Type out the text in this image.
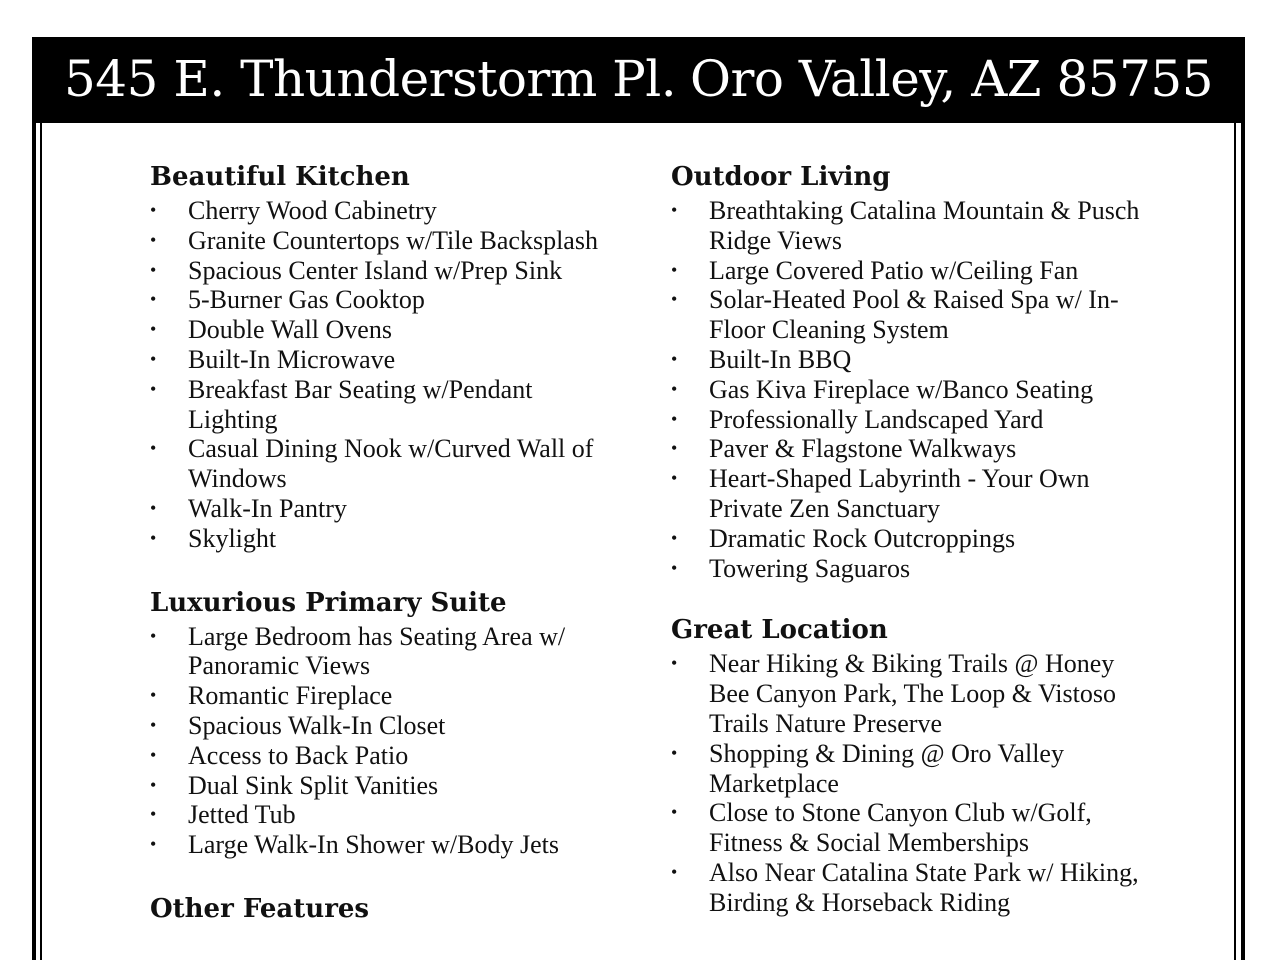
545 E. Thunderstorm Pl. Oro Valley, AZ 85755
Beautiful Kitchen
• Cherry Wood Cabinetry
• Granite Countertops w/Tile Backsplash
• Spacious Center Island w/Prep Sink
• 5-Burner Gas Cooktop
• Double Wall Ovens
• Built-In Microwave
• Breakfast Bar Seating w/Pendant Lighting
• Casual Dining Nook w/Curved Wall of Windows
• Walk-In Pantry
• Skylight
Luxurious Primary Suite
• Large Bedroom has Seating Area w/ Panoramic Views
• Romantic Fireplace
• Spacious Walk-In Closet
• Access to Back Patio
• Dual Sink Split Vanities
• Jetted Tub
• Large Walk-In Shower w/Body Jets
Other Features
Outdoor Living
• Breathtaking Catalina Mountain & Pusch Ridge Views
• Large Covered Patio w/Ceiling Fan
• Solar-Heated Pool & Raised Spa w/ In-Floor Cleaning System
• Built-In BBQ
• Gas Kiva Fireplace w/Banco Seating
• Professionally Landscaped Yard
• Paver & Flagstone Walkways
• Heart-Shaped Labyrinth - Your Own Private Zen Sanctuary
• Dramatic Rock Outcroppings
• Towering Saguaros
Great Location
• Near Hiking & Biking Trails @ Honey Bee Canyon Park, The Loop & Vistoso Trails Nature Preserve
• Shopping & Dining @ Oro Valley Marketplace
• Close to Stone Canyon Club w/Golf, Fitness & Social Memberships
• Also Near Catalina State Park w/ Hiking, Birding & Horseback Riding
